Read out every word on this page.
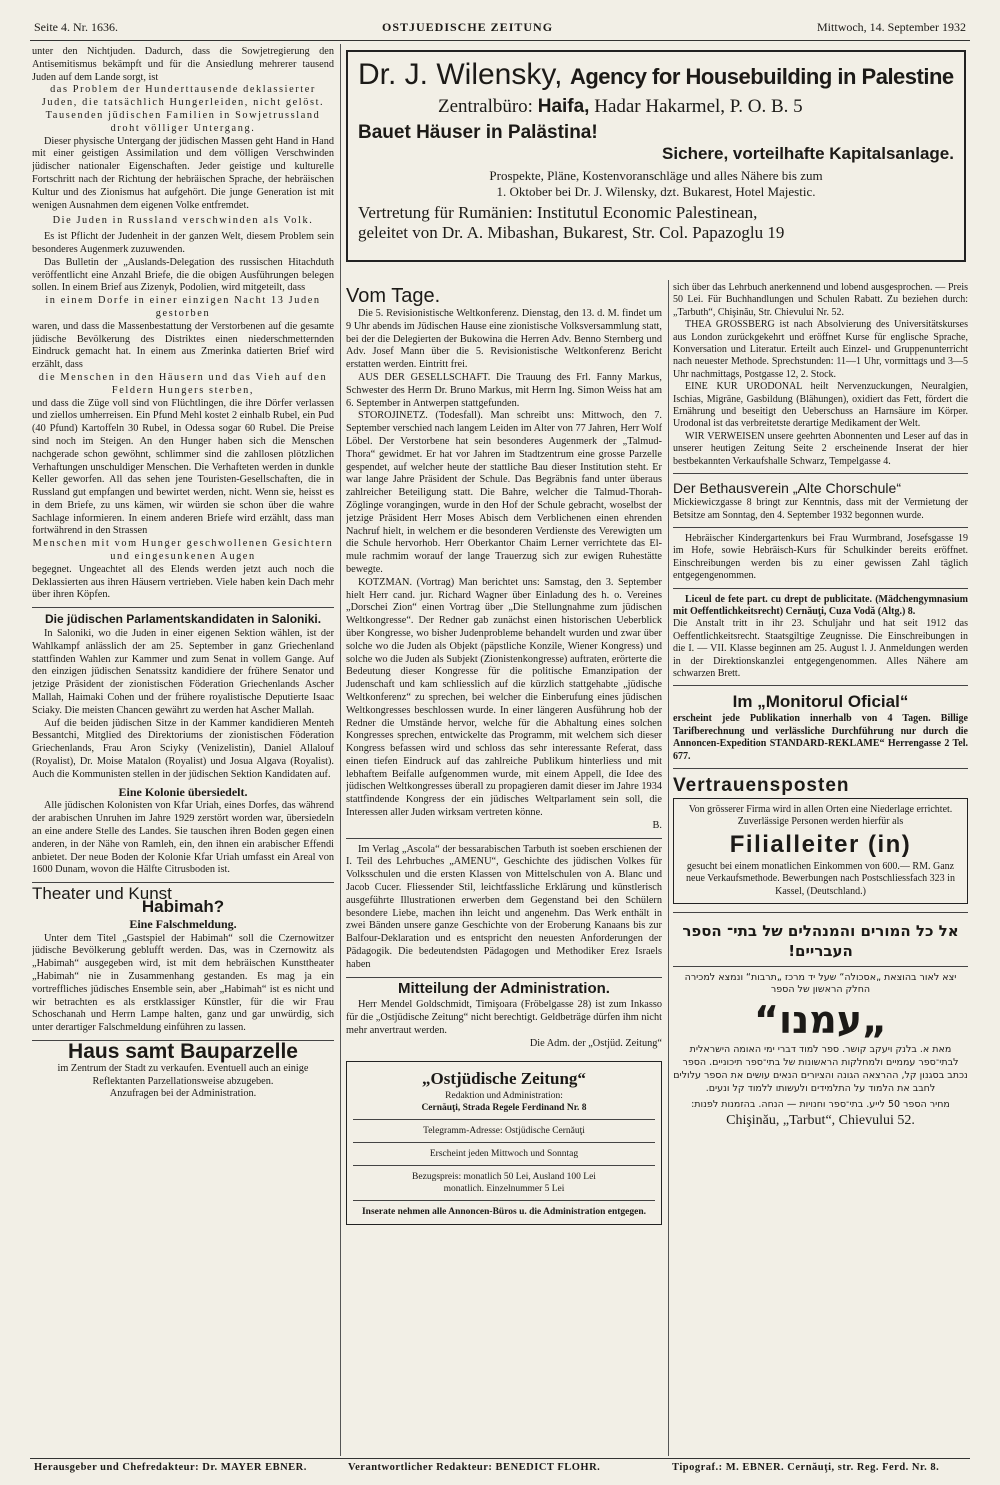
Seite 4. Nr. 1636.	OSTJUEDISCHE ZEITUNG	Mittwoch, 14. September 1932

unter den Nichtjuden. Dadurch, dass die Sowjetregierung den Antisemitismus bekämpft und für die Ansiedlung mehrerer tausend Juden auf dem Lande sorgt, ist

das Problem der Hunderttausende deklassierter Juden, die tatsächlich Hungerleiden, nicht gelöst. Tausenden jüdischen Familien in Sowjetrussland droht völliger Untergang.

Dieser physische Untergang der jüdischen Massen geht Hand in Hand mit einer geistigen Assimilation und dem völligen Verschwinden jüdischer nationaler Eigenschaften. Jeder geistige und kulturelle Fortschritt nach der Richtung der hebräischen Sprache, der hebräischen Kultur und des Zionismus hat aufgehört. Die junge Generation ist mit wenigen Ausnahmen dem eigenen Volke entfremdet.

Die Juden in Russland verschwinden als Volk.

Es ist Pflicht der Judenheit in der ganzen Welt, diesem Problem sein besonderes Augenmerk zuzuwenden.

Das Bulletin der „Auslands-Delegation des russischen Hitachduth veröffentlicht eine Anzahl Briefe, die die obigen Ausführungen belegen sollen. In einem Brief aus Zizenyk, Podolien, wird mitgeteilt, dass

in einem Dorfe in einer einzigen Nacht 13 Juden gestorben

waren, und dass die Massenbestattung der Verstorbenen auf die gesamte jüdische Bevölkerung des Distriktes einen niederschmetternden Eindruck gemacht hat. In einem aus Zmerinka datierten Brief wird erzählt, dass

die Menschen in den Häusern und das Vieh auf den Feldern Hungers sterben,

und dass die Züge voll sind von Flüchtlingen, die ihre Dörfer verlassen und ziellos umherreisen. Ein Pfund Mehl kostet 2 einhalb Rubel, ein Pud (40 Pfund) Kartoffeln 30 Rubel, in Odessa sogar 60 Rubel. Die Preise sind noch im Steigen. An den Hunger haben sich die Menschen nachgerade schon gewöhnt, schlimmer sind die zahllosen plötzlichen Verhaftungen unschuldiger Menschen. Die Verhafteten werden in dunkle Keller geworfen. All das sehen jene Touristen-Gesellschaften, die in Russland gut empfangen und bewirtet werden, nicht. Wenn sie, heisst es in dem Briefe, zu uns kämen, wir würden sie schon über die wahre Sachlage informieren. In einem anderen Briefe wird erzählt, dass man fortwährend in den Strassen

Menschen mit vom Hunger geschwollenen Gesichtern und eingesunkenen Augen

begegnet. Ungeachtet all des Elends werden jetzt auch noch die Deklassierten aus ihren Häusern vertrieben. Viele haben kein Dach mehr über ihren Köpfen.

Die jüdischen Parlamentskandidaten in Saloniki.

In Saloniki, wo die Juden in einer eigenen Sektion wählen, ist der Wahlkampf anlässlich der am 25. September in ganz Griechenland stattfinden Wahlen zur Kammer und zum Senat in vollem Gange. Auf den einzigen jüdischen Senatssitz kandidiere der frühere Senator und jetzige Präsident der zionistischen Föderation Griechenlands Ascher Mallah, Haimaki Cohen und der frühere royalistische Deputierte Isaac Sciaky. Die meisten Chancen gewährt zu werden hat Ascher Mallah.

Auf die beiden jüdischen Sitze in der Kammer kandidieren Menteh Bessantchi, Mitglied des Direktoriums der zionistischen Föderation Griechenlands, Frau Aron Sciyky (Venizelistin), Daniel Allalouf (Royalist), Dr. Moise Matalon (Royalist) und Josua Algava (Royalist). Auch die Kommunisten stellen in der jüdischen Sektion Kandidaten auf.

Eine Kolonie übersiedelt.

Alle jüdischen Kolonisten von Kfar Uriah, eines Dorfes, das während der arabischen Unruhen im Jahre 1929 zerstört worden war, übersiedeln an eine andere Stelle des Landes. Sie tauschen ihren Boden gegen einen anderen, in der Nähe von Ramleh, ein, den ihnen ein arabischer Effendi anbietet. Der neue Boden der Kolonie Kfar Uriah umfasst ein Areal von 1600 Dunam, wovon die Hälfte Citrusboden ist.

Theater und Kunst
Habimah?
Eine Falschmeldung.

Unter dem Titel „Gastspiel der Habimah“ soll die Czernowitzer jüdische Bevölkerung geblufft werden. Das, was in Czernowitz als „Habimah“ ausgegeben wird, ist mit dem hebräischen Kunsttheater „Habimah“ nie in Zusammenhang gestanden. Es mag ja ein vortreffliches jüdisches Ensemble sein, aber „Habimah“ ist es nicht und wir betrachten es als erstklassiger Künstler, für die wir Frau Schoschanah und Herrn Lampe halten, ganz und gar unwürdig, sich unter derartiger Falschmeldung einführen zu lassen.

Haus samt Bauparzelle

im Zentrum der Stadt zu verkaufen. Eventuell auch an einige Reflektanten Parzellationsweise abzugeben.

Anzufragen bei der Administration.

Dr. J. Wilensky, Agency for Housebuilding in Palestine
Zentralbüro: Haifa, Hadar Hakarmel, P. O. B. 5
Bauet Häuser in Palästina!
Sichere, vorteilhafte Kapitalsanlage.
Prospekte, Pläne, Kostenvoranschläge und alles Nähere bis zum
1. Oktober bei Dr. J. Wilensky, dzt. Bukarest, Hotel Majestic.
Vertretung für Rumänien: Institutul Economic Palestinean,
geleitet von Dr. A. Mibashan, Bukarest, Str. Col. Papazoglu 19
Vom Tage.

Die 5. Revisionistische Weltkonferenz. Dienstag, den 13. d. M. findet um 9 Uhr abends im Jüdischen Hause eine zionistische Volksversammlung statt, bei der die Delegierten der Bukowina die Herren Adv. Benno Sternberg und Adv. Josef Mann über die 5. Revisionistische Weltkonferenz Bericht erstatten werden. Eintritt frei.

AUS DER GESELLSCHAFT. Die Trauung des Frl. Fanny Markus, Schwester des Herrn Dr. Bruno Markus, mit Herrn Ing. Simon Weiss hat am 6. September in Antwerpen stattgefunden.

STOROJINETZ. (Todesfall). Man schreibt uns: Mittwoch, den 7. September verschied nach langem Leiden im Alter von 77 Jahren, Herr Wolf Löbel. Der Verstorbene hat sein besonderes Augenmerk der „Talmud-Thora“ gewidmet. Er hat vor Jahren im Stadtzentrum eine grosse Parzelle gespendet, auf welcher heute der stattliche Bau dieser Institution steht. Er war lange Jahre Präsident der Schule. Das Begräbnis fand unter überaus zahlreicher Beteiligung statt. Die Bahre, welcher die Talmud-Thorah-Zöglinge vorangingen, wurde in den Hof der Schule gebracht, woselbst der jetzige Präsident Herr Moses Abisch dem Verblichenen einen ehrenden Nachruf hielt, in welchem er die besonderen Verdienste des Verewigten um die Schule hervorhob. Herr Oberkantor Chaim Lerner verrichtete das El-mule rachmim worauf der lange Trauerzug sich zur ewigen Ruhestätte bewegte.

KOTZMAN. (Vortrag) Man berichtet uns: Samstag, den 3. September hielt Herr cand. jur. Richard Wagner über Einladung des h. o. Vereines „Dorschei Zion“ einen Vortrag über „Die Stellungnahme zum jüdischen Weltkongresse“. Der Redner gab zunächst einen historischen Ueberblick über Kongresse, wo bisher Judenprobleme behandelt wurden und zwar über solche wo die Juden als Objekt (päpstliche Konzile, Wiener Kongress) und solche wo die Juden als Subjekt (Zionistenkongresse) auftraten, erörterte die Bedeutung dieser Kongresse für die politische Emanzipation der Judenschaft und kam schliesslich auf die kürzlich stattgehabte „jüdische Weltkonferenz“ zu sprechen, bei welcher die Einberufung eines jüdischen Weltkongresses beschlossen wurde. In einer längeren Ausführung hob der Redner die Umstände hervor, welche für die Abhaltung eines solchen Kongresses sprechen, entwickelte das Programm, mit welchem sich dieser Kongress befassen wird und schloss das sehr interessante Referat, dass einen tiefen Eindruck auf das zahlreiche Publikum hinterliess und mit lebhaftem Beifalle aufgenommen wurde, mit einem Appell, die Idee des jüdischen Weltkongresses überall zu propagieren damit dieser im Jahre 1934 stattfindende Kongress der ein jüdisches Weltparlament sein soll, die Interessen aller Juden wirksam vertreten könne.

B.

Im Verlag „Ascola“ der bessarabischen Tarbuth ist soeben erschienen der I. Teil des Lehrbuches „AMENU“, Geschichte des jüdischen Volkes für Volksschulen und die ersten Klassen von Mittelschulen von A. Blanc und Jacob Cucer. Fliessender Stil, leichtfassliche Erklärung und künstlerisch ausgeführte Illustrationen erwerben dem Gegenstand bei den Schülern besondere Liebe, machen ihn leicht und angenehm. Das Werk enthält in zwei Bänden unsere ganze Geschichte von der Eroberung Kanaans bis zur Balfour-Deklaration und es entspricht den neuesten Anforderungen der Pädagogik. Die bedeutendsten Pädagogen und Methodiker Erez Israels haben

Mitteilung der Administration.

Herr Mendel Goldschmidt, Timişoara (Fröbelgasse 28) ist zum Inkasso für die „Ostjüdische Zeitung“ nicht berechtigt. Geldbeträge dürfen ihm nicht mehr anvertraut werden.

Die Adm. der „Ostjüd. Zeitung“
„Ostjüdische Zeitung“
Redaktion und Administration:
Cernăuţi, Strada Regele Ferdinand Nr. 8
Telegramm-Adresse: Ostjüdische Cernăuţi
Erscheint jeden Mittwoch und Sonntag
Bezugspreis: monatlich 50 Lei, Ausland 100 Lei
monatlich. Einzelnummer 5 Lei
Inserate nehmen alle Annoncen-Büros u. die Administration entgegen.

sich über das Lehrbuch anerkennend und lobend ausgesprochen. — Preis 50 Lei. Für Buchhandlungen und Schulen Rabatt. Zu beziehen durch: „Tarbuth“, Chişinău, Str. Chievului Nr. 52.

THEA GROSSBERG ist nach Absolvierung des Universitätskurses aus London zurückgekehrt und eröffnet Kurse für englische Sprache, Konversation und Literatur. Erteilt auch Einzel- und Gruppenunterricht nach neuester Methode. Sprechstunden: 11—1 Uhr, vormittags und 3—5 Uhr nachmittags, Postgasse 12, 2. Stock.

EINE KUR URODONAL heilt Nervenzuckungen, Neuralgien, Ischias, Migräne, Gasbildung (Blähungen), oxidiert das Fett, fördert die Ernährung und beseitigt den Ueberschuss an Harnsäure im Körper. Urodonal ist das verbreitetste derartige Medikament der Welt.

WIR VERWEISEN unsere geehrten Abonnenten und Leser auf das in unserer heutigen Zeitung Seite 2 erscheinende Inserat der hier bestbekannten Verkaufshalle Schwarz, Tempelgasse 4.

Der Bethausverein „Alte Chorschule“

Mickiewiczgasse 8 bringt zur Kenntnis, dass mit der Vermietung der Betsitze am Sonntag, den 4. September 1932 begonnen wurde.

Hebräischer Kindergartenkurs bei Frau Wurmbrand, Josefsgasse 19 im Hofe, sowie Hebräisch-Kurs für Schulkinder bereits eröffnet. Einschreibungen werden bis zu einer gewissen Zahl täglich entgegengenommen.

Liceul de fete part. cu drept de publicitate. (Mädchengymnasium mit Oeffentlichkeitsrecht) Cernăuţi, Cuza Vodă (Altg.) 8.

Die Anstalt tritt in ihr 23. Schuljahr und hat seit 1912 das Oeffentlichkeitsrecht. Staatsgiltige Zeugnisse. Die Einschreibungen in die I. — VII. Klasse beginnen am 25. August l. J. Anmeldungen werden in der Direktionskanzlei entgegengenommen. Alles Nähere am schwarzen Brett.

Im „Monitorul Oficial“

erscheint jede Publikation innerhalb von 4 Tagen. Billige Tarifberechnung und verlässliche Durchführung nur durch die Annoncen-Expedition STANDARD-REKLAME“ Herrengasse 2 Tel. 677.

Vertrauensposten
Von grösserer Firma wird in allen Orten eine Niederlage errichtet.
Zuverlässige Personen werden hierfür als
Filialleiter (in)
gesucht bei einem monatlichen Einkommen von 600.— RM. Ganz neue Verkaufsmethode. Bewerbungen nach Postschliessfach 323 in Kassel, (Deutschland.)
אל כל המורים והמנהלים של בתי־ הספר העבריים!
יצא לאור בהוצאת „אסכולה“ שעל יד מרכז „תרבות“ ונמצא למכירה החלק הראשון של הספר
„עמנו“
מאת א. בלנק ויעקב קושר. ספר למוד דברי ימי האומה הישראלית לבתי־ספר עממיים ולמחלקות הראשונות של בתי־ספר תיכוניים. הספר נכתב בסגנון קל, ההרצאה הגונה והציורים הנאים עושים את הספר עלולים לחבב את הלמוד על התלמידים ולעשותו ללמוד קל ונעים.
מחיר הספר 50 לייע. בתי־ספר וחנויות — הנחה. בהזמנות לפנות:
Chişinău, „Tarbut“, Chievului 52.
Herausgeber und Chefredakteur: Dr. MAYER EBNER.	Verantwortlicher Redakteur: BENEDICT FLOHR.	Tipograf.: M. EBNER. Cernăuţi, str. Reg. Ferd. Nr. 8.
